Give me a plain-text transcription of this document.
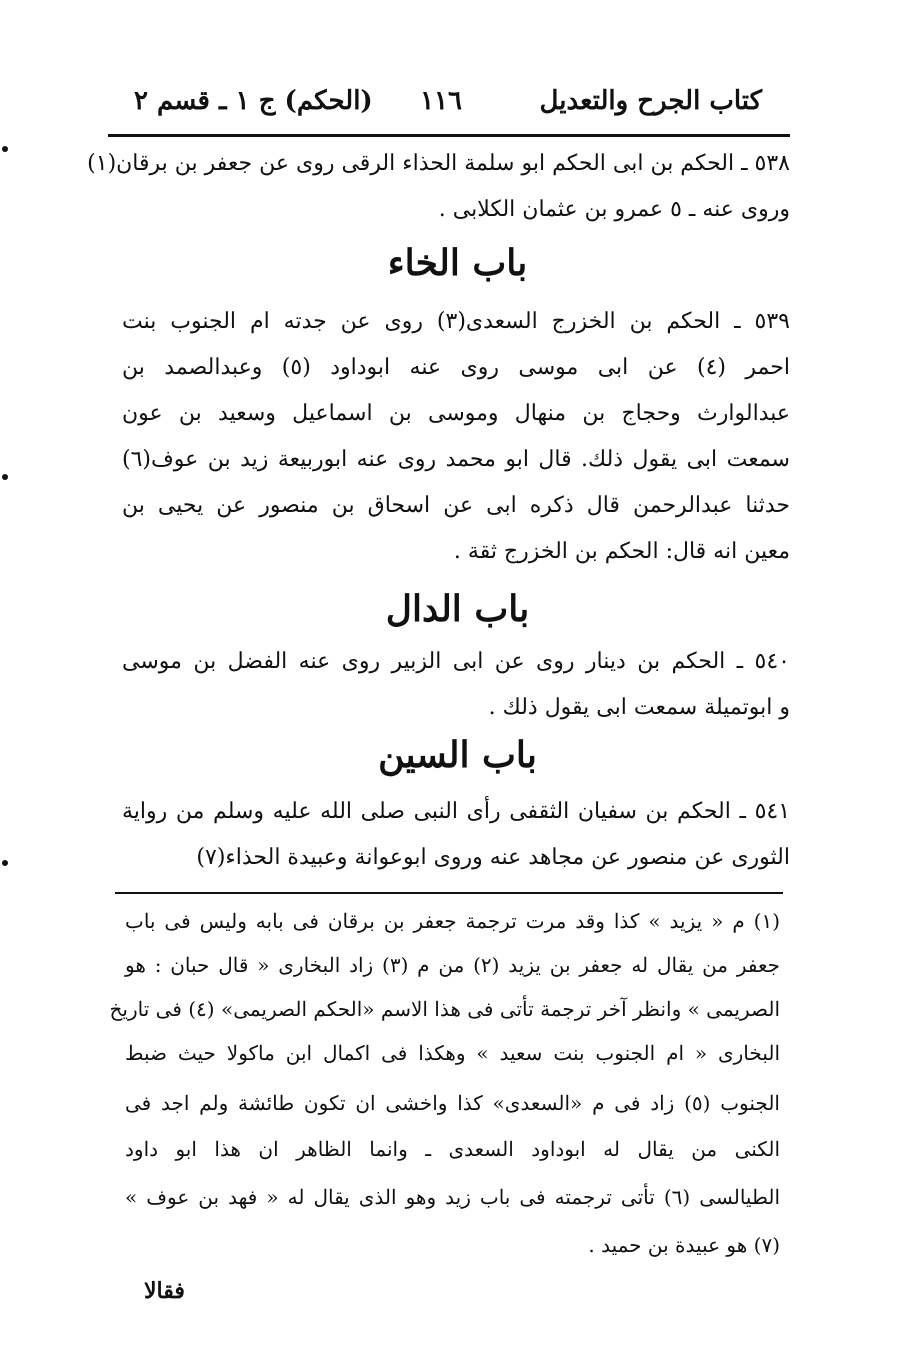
كتاب الجرح والتعديل
١١٦
(الحكم) ج ١ ـ قسم ٢
٥٣٨ ـ الحكم بن ابى الحكم ابو سلمة الحذاء الرقى روى عن جعفر بن برقان(١)
وروى عنه ـ ٥ عمرو بن عثمان الكلابى .
باب الخاء
٥٣٩ ـ الحكم بن الخزرج السعدى(٣) روى عن جدته ام الجنوب بنت
احمر (٤) عن ابى موسى روى عنه ابوداود (٥) وعبدالصمد بن
عبدالوارث وحجاج بن منهال وموسى بن اسماعيل وسعيد بن عون
سمعت ابى يقول ذلك. قال ابو محمد روى عنه ابوربيعة زيد بن عوف(٦)
حدثنا عبدالرحمن قال ذكره ابى عن اسحاق بن منصور عن يحيى بن
معين انه قال: الحكم بن الخزرج ثقة .
باب الدال
٥٤٠ ـ الحكم بن دينار روى عن ابى الزبير روى عنه الفضل بن موسى
و ابوتميلة سمعت ابى يقول ذلك .
باب السين
٥٤١ ـ الحكم بن سفيان الثقفى رأى النبى صلى الله عليه وسلم من رواية
الثورى عن منصور عن مجاهد عنه وروى ابوعوانة وعبيدة الحذاء(٧)
(١) م « يزيد » كذا وقد مرت ترجمة جعفر بن برقان فى بابه وليس فى باب
جعفر من يقال له جعفر بن يزيد (٢) من م (٣) زاد البخارى « قال حبان : هو
الصريمى » وانظر آخر ترجمة تأتى فى هذا الاسم «الحكم الصريمى» (٤) فى تاريخ
البخارى « ام الجنوب بنت سعيد » وهكذا فى اكمال ابن ماكولا حيث ضبط
الجنوب (٥) زاد فى م «السعدى» كذا واخشى ان تكون طائشة ولم اجد فى
الكنى من يقال له ابوداود السعدى ـ وانما الظاهر ان هذا ابو داود
الطيالسى (٦) تأتى ترجمته فى باب زيد وهو الذى يقال له « فهد بن عوف »
(٧) هو عبيدة بن حميد .
فقالا
